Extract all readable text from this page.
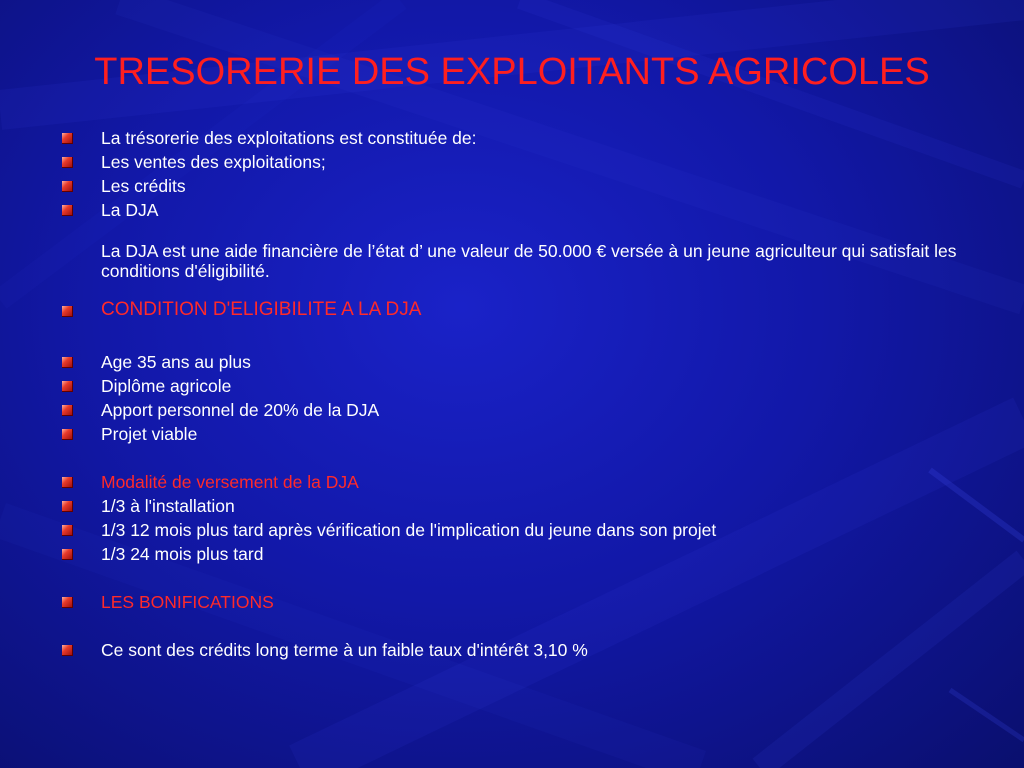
TRESORERIE DES EXPLOITANTS AGRICOLES
La trésorerie des exploitations est constituée de:
Les ventes des exploitations;
Les crédits
La DJA
La DJA est une aide financière de l’état d’ une valeur de 50.000 € versée à un jeune agriculteur qui satisfait les conditions d'éligibilité.
CONDITION D'ELIGIBILITE A LA DJA
Age 35 ans au plus
Diplôme agricole
Apport personnel de 20% de la DJA
Projet viable
Modalité de versement de la DJA
1/3 à l'installation
1/3 12 mois plus tard après vérification de l'implication du jeune dans son projet
1/3 24 mois plus tard
LES BONIFICATIONS
Ce sont des crédits long terme à un faible taux d'intérêt 3,10 %
